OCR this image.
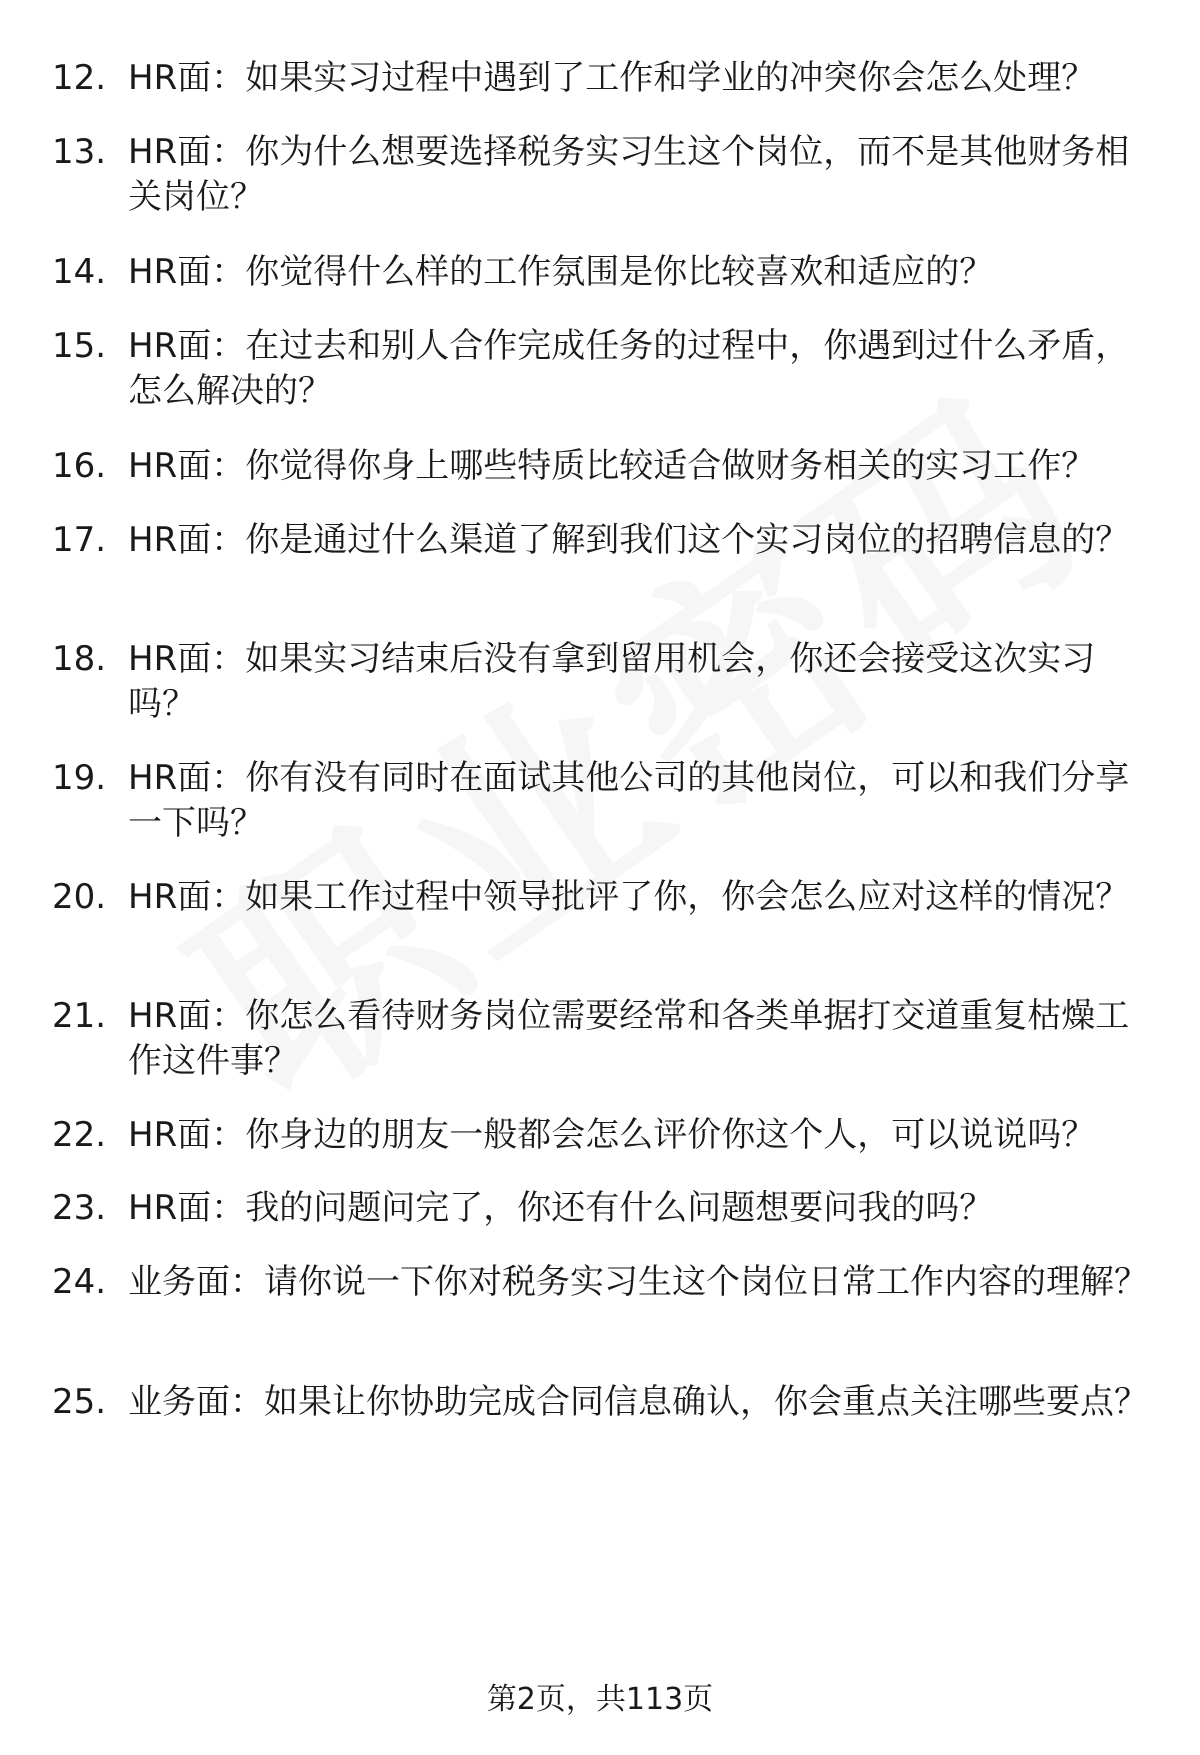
12. HR面：如果实习过程中遇到了工作和学业的冲突你会怎么处理？
13. HR面：你为什么想要选择税务实习生这个岗位，而不是其他财务相关岗位？
14. HR面：你觉得什么样的工作氛围是你比较喜欢和适应的？
15. HR面：在过去和别人合作完成任务的过程中，你遇到过什么矛盾，怎么解决的？
16. HR面：你觉得你身上哪些特质比较适合做财务相关的实习工作？
17. HR面：你是通过什么渠道了解到我们这个实习岗位的招聘信息的？
18. HR面：如果实习结束后没有拿到留用机会，你还会接受这次实习吗？
19. HR面：你有没有同时在面试其他公司的其他岗位，可以和我们分享一下吗？
20. HR面：如果工作过程中领导批评了你，你会怎么应对这样的情况？
21. HR面：你怎么看待财务岗位需要经常和各类单据打交道重复枯燥工作这件事？
22. HR面：你身边的朋友一般都会怎么评价你这个人，可以说说吗？
23. HR面：我的问题问完了，你还有什么问题想要问我的吗？
24. 业务面：请你说一下你对税务实习生这个岗位日常工作内容的理解？
25. 业务面：如果让你协助完成合同信息确认，你会重点关注哪些要点？
第2页，共113页
